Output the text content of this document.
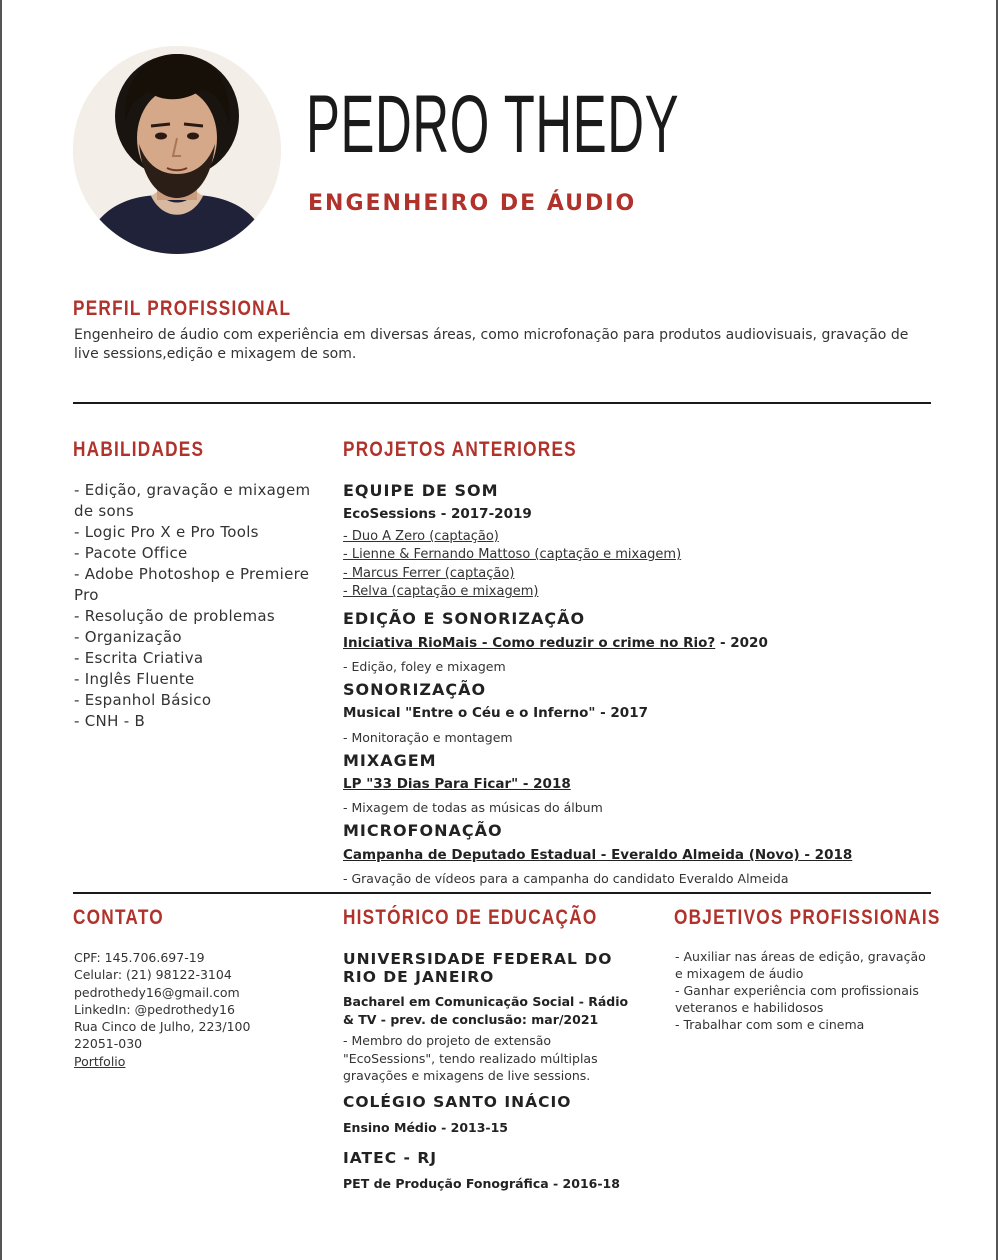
PEDRO THEDY
ENGENHEIRO DE ÁUDIO
PERFIL PROFISSIONAL

Engenheiro de áudio com experiência em diversas áreas, como microfonação para produtos audiovisuais, gravação de live sessions,edição e mixagem de som.

HABILIDADES
- Edição, gravação e mixagem de sons
- Logic Pro X e Pro Tools
- Pacote Office
- Adobe Photoshop e Premiere Pro
- Resolução de problemas
- Organização
- Escrita Criativa
- Inglês Fluente
- Espanhol Básico
- CNH - B
PROJETOS ANTERIORES

EQUIPE DE SOM

EcoSessions - 2017-2019

- Duo A Zero (captação)

- Lienne & Fernando Mattoso (captação e mixagem)

- Marcus Ferrer (captação)

- Relva (captação e mixagem)

EDIÇÃO E SONORIZAÇÃO

Iniciativa RioMais - Como reduzir o crime no Rio? - 2020

- Edição, foley e mixagem

SONORIZAÇÃO

Musical "Entre o Céu e o Inferno" - 2017

- Monitoração e montagem

MIXAGEM

LP "33 Dias Para Ficar" - 2018

- Mixagem de todas as músicas do álbum

MICROFONAÇÃO

Campanha de Deputado Estadual - Everaldo Almeida (Novo) - 2018

- Gravação de vídeos para a campanha do candidato Everaldo Almeida

CONTATO
CPF: 145.706.697-19
Celular: (21) 98122-3104
pedrothedy16@gmail.com
LinkedIn: @pedrothedy16
Rua Cinco de Julho, 223/100
22051-030
Portfolio
HISTÓRICO DE EDUCAÇÃO

UNIVERSIDADE FEDERAL DO RIO DE JANEIRO

Bacharel em Comunicação Social - Rádio & TV - prev. de conclusão: mar/2021

- Membro do projeto de extensão "EcoSessions", tendo realizado múltiplas gravações e mixagens de live sessions.

COLÉGIO SANTO INÁCIO

Ensino Médio - 2013-15

IATEC - RJ

PET de Produção Fonográfica - 2016-18

OBJETIVOS PROFISSIONAIS
- Auxiliar nas áreas de edição, gravação e mixagem de áudio
- Ganhar experiência com profissionais veteranos e habilidosos
- Trabalhar com som e cinema
